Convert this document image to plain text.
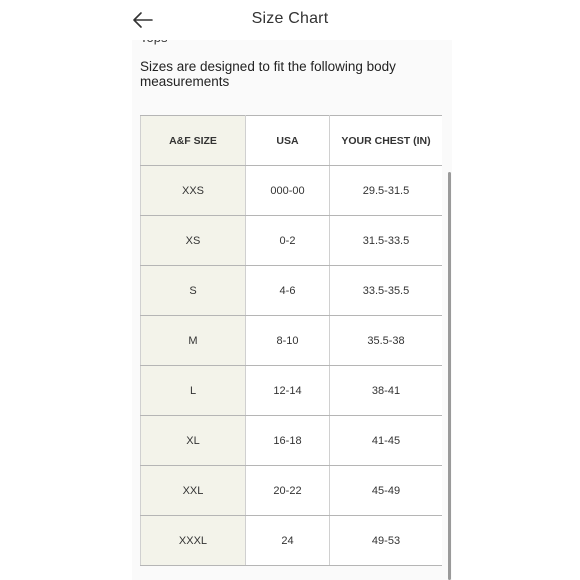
Size Chart
Sizes are designed to fit the following body measurements
A&F SIZE	USA	YOUR CHEST (IN)
XXS	000-00	29.5-31.5
XS	0-2	31.5-33.5
S	4-6	33.5-35.5
M	8-10	35.5-38
L	12-14	38-41
XL	16-18	41-45
XXL	20-22	45-49
XXXL	24	49-53
